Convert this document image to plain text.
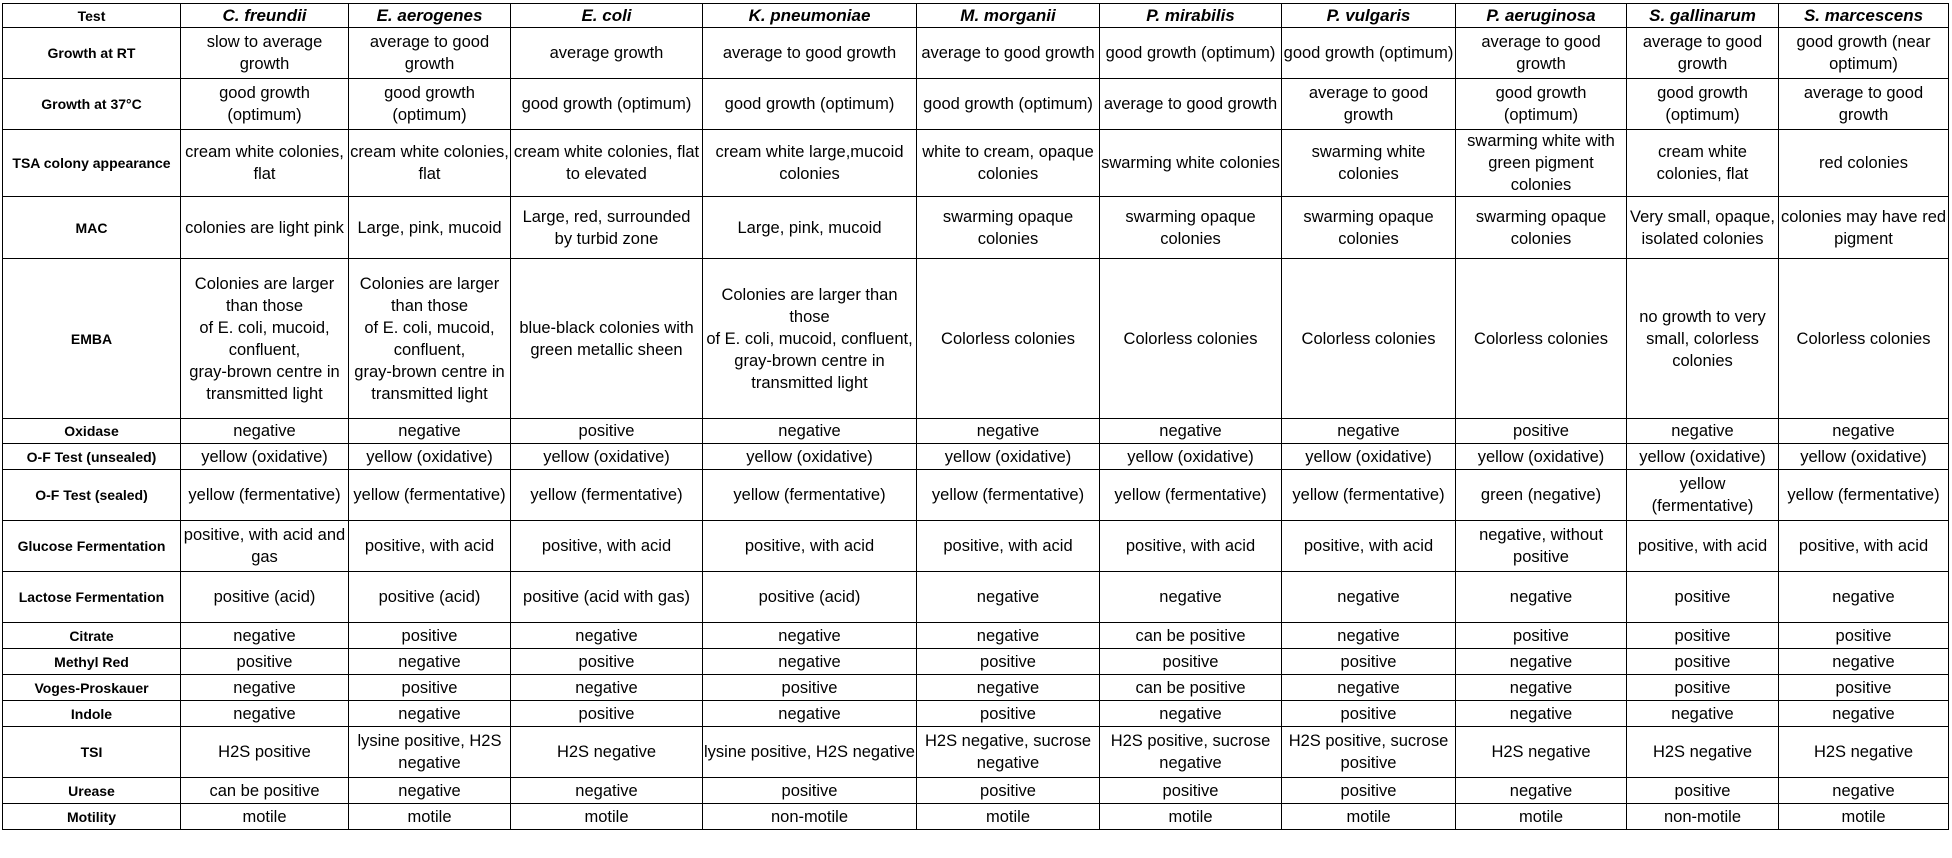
Test	C. freundii	E. aerogenes	E. coli	K. pneumoniae	M. morganii	P. mirabilis	P. vulgaris	P. aeruginosa	S. gallinarum	S. marcescens
Growth at RT	slow to average growth	average to good growth	average growth	average to good growth	average to good growth	good growth (optimum)	good growth (optimum)	average to good growth	average to good growth	good growth (near optimum)
Growth at 37°C	good growth (optimum)	good growth (optimum)	good growth (optimum)	good growth (optimum)	good growth (optimum)	average to good growth	average to good growth	good growth (optimum)	good growth (optimum)	average to good growth
TSA colony appearance	cream white colonies, flat	cream white colonies, flat	cream white colonies, flat to elevated	cream white large,mucoid colonies	white to cream, opaque colonies	swarming white colonies	swarming white colonies	swarming white with green pigment colonies	cream white colonies, flat	red colonies
MAC	colonies are light pink	Large, pink, mucoid	Large, red, surrounded by turbid zone	Large, pink, mucoid	swarming opaque colonies	swarming opaque colonies	swarming opaque colonies	swarming opaque colonies	Very small, opaque, isolated colonies	colonies may have red pigment
EMBA	Colonies are larger than those
of E. coli, mucoid, confluent,
gray-brown centre in
transmitted light	Colonies are larger than those
of E. coli, mucoid, confluent,
gray-brown centre in
transmitted light	blue-black colonies with green metallic sheen	Colonies are larger than those
of E. coli, mucoid, confluent,
gray-brown centre in transmitted light	Colorless colonies	Colorless colonies	Colorless colonies	Colorless colonies	no growth to very small, colorless colonies	Colorless colonies
Oxidase	negative	negative	positive	negative	negative	negative	negative	positive	negative	negative
O-F Test (unsealed)	yellow (oxidative)	yellow (oxidative)	yellow (oxidative)	yellow (oxidative)	yellow (oxidative)	yellow (oxidative)	yellow (oxidative)	yellow (oxidative)	yellow (oxidative)	yellow (oxidative)
O-F Test (sealed)	yellow (fermentative)	yellow (fermentative)	yellow (fermentative)	yellow (fermentative)	yellow (fermentative)	yellow (fermentative)	yellow (fermentative)	green (negative)	yellow (fermentative)	yellow (fermentative)
Glucose Fermentation	positive, with acid and gas	positive, with acid	positive, with acid	positive, with acid	positive, with acid	positive, with acid	positive, with acid	negative, without positive	positive, with acid	positive, with acid
Lactose Fermentation	positive (acid)	positive (acid)	positive (acid with gas)	positive (acid)	negative	negative	negative	negative	positive	negative
Citrate	negative	positive	negative	negative	negative	can be positive	negative	positive	positive	positive
Methyl Red	positive	negative	positive	negative	positive	positive	positive	negative	positive	negative
Voges-Proskauer	negative	positive	negative	positive	negative	can be positive	negative	negative	positive	positive
Indole	negative	negative	positive	negative	positive	negative	positive	negative	negative	negative
TSI	H2S positive	lysine positive, H2S negative	H2S negative	lysine positive, H2S negative	H2S negative, sucrose negative	H2S positive, sucrose negative	H2S positive, sucrose positive	H2S negative	H2S negative	H2S negative
Urease	can be positive	negative	negative	positive	positive	positive	positive	negative	positive	negative
Motility	motile	motile	motile	non-motile	motile	motile	motile	motile	non-motile	motile
